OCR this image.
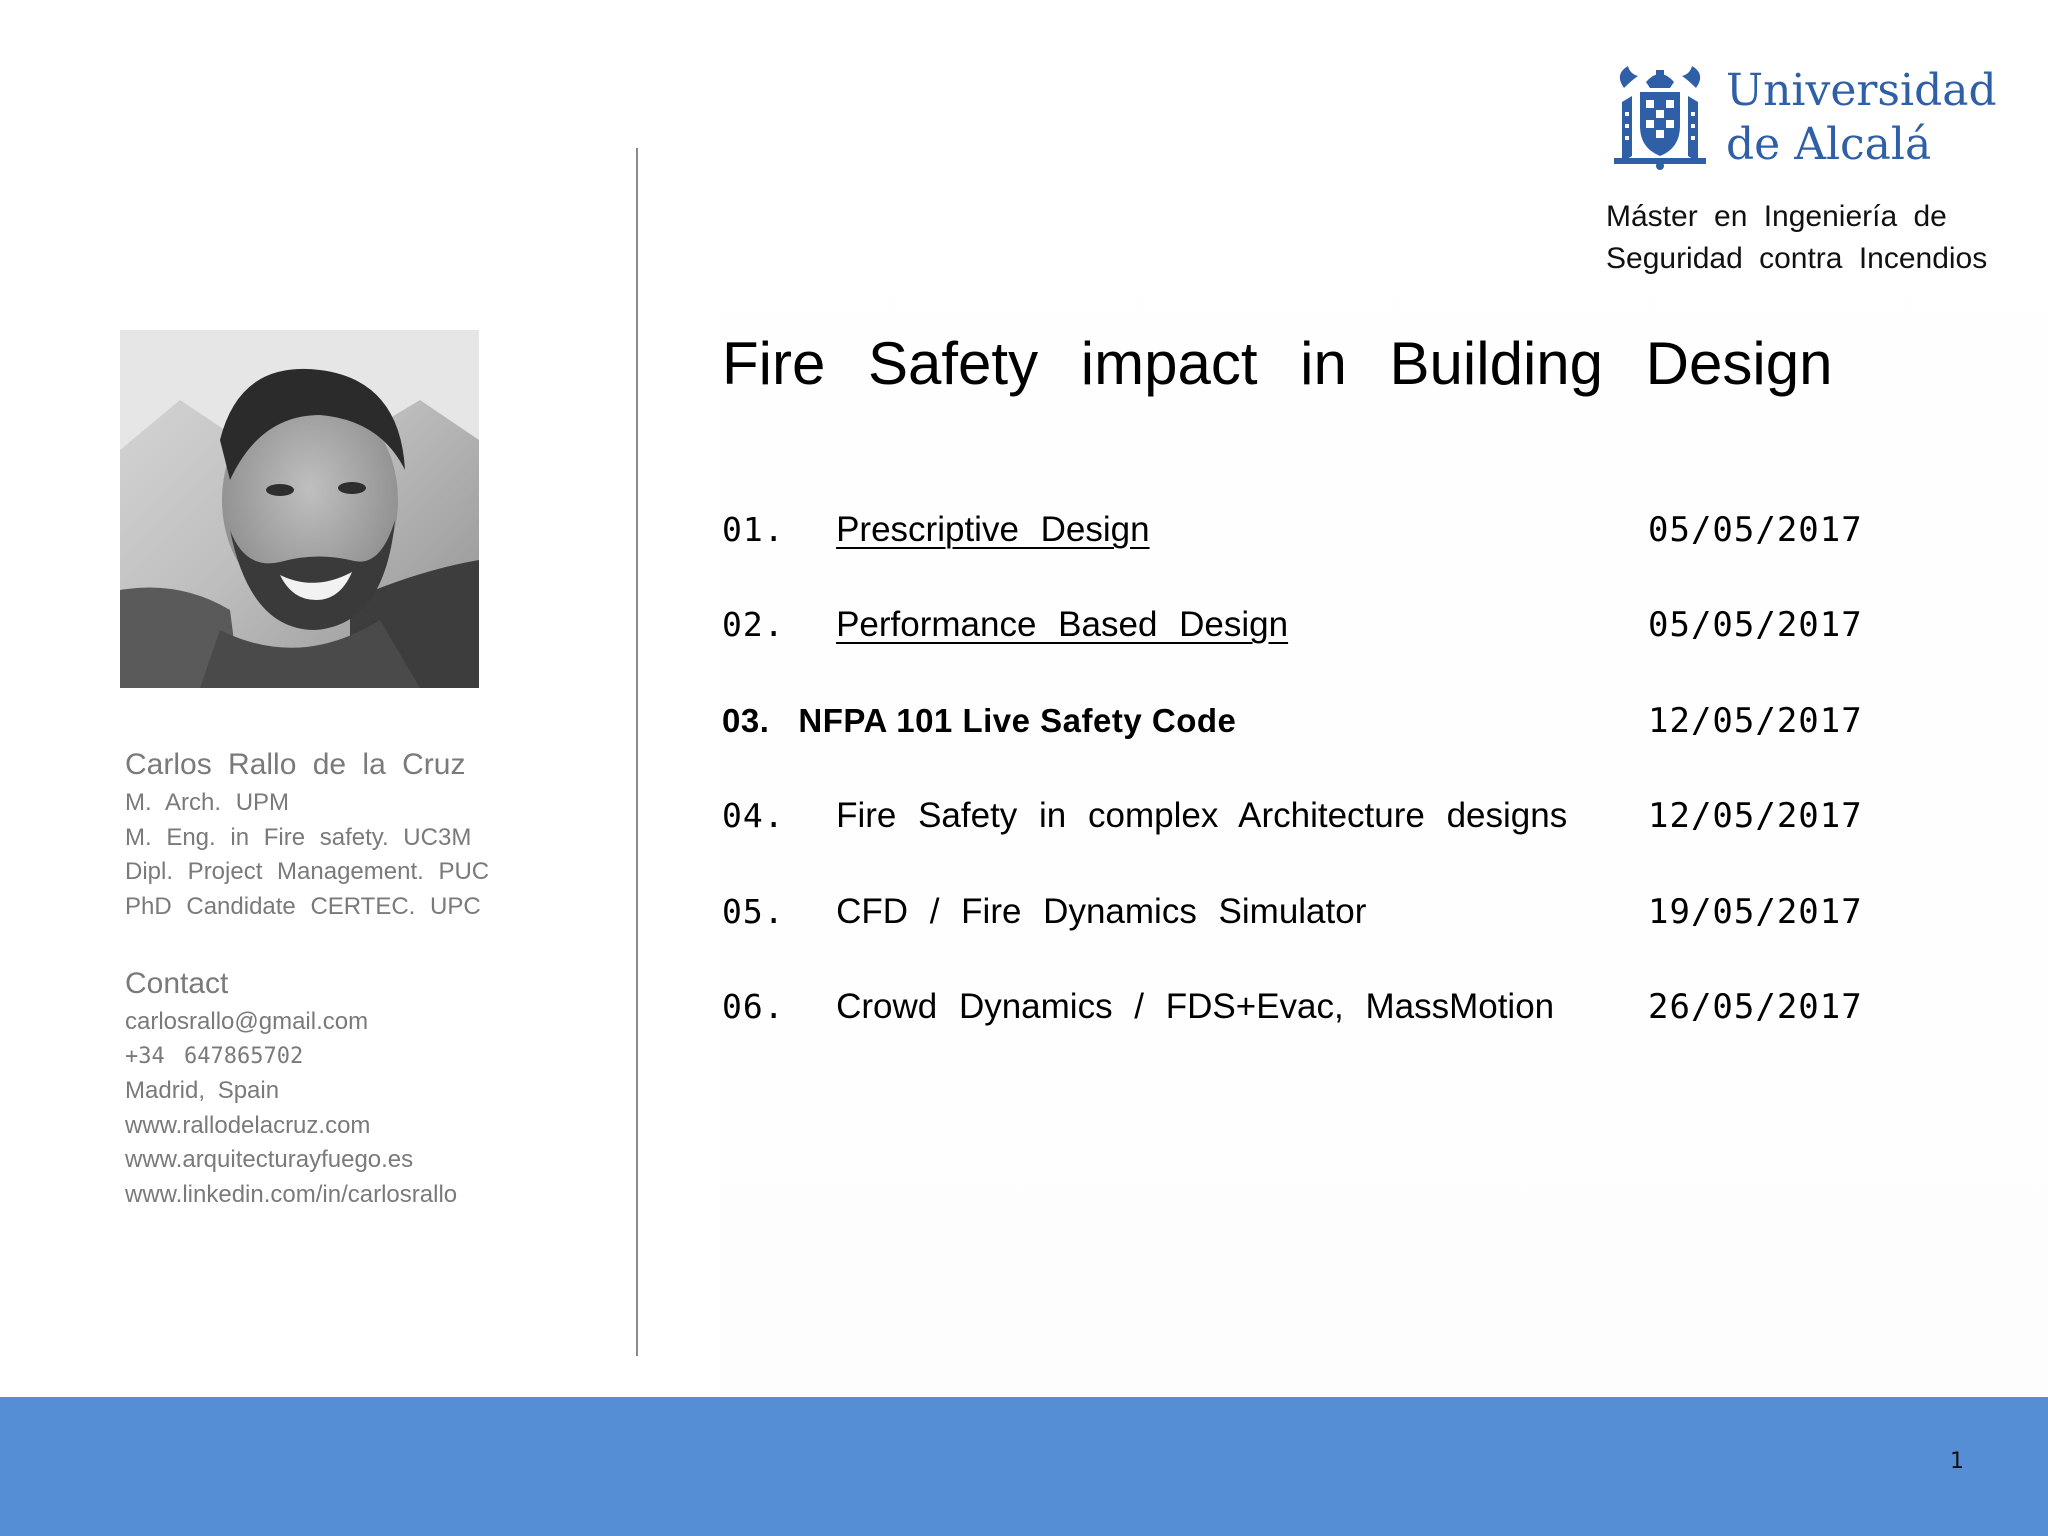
Universidad
de Alcalá
Máster en Ingeniería de
Seguridad contra Incendios
Carlos Rallo de la Cruz
M. Arch. UPM
M. Eng. in Fire safety. UC3M
Dipl. Project Management. PUC
PhD Candidate CERTEC. UPC
Contact
carlosrallo@gmail.com
+34 647865702
Madrid, Spain
www.rallodelacruz.com
www.arquitecturayfuego.es
www.linkedin.com/in/carlosrallo
Fire Safety impact in Building Design
01.   Prescriptive Design	05/05/2017
02.   Performance Based Design	05/05/2017
03.   NFPA 101 Live Safety Code	12/05/2017
04.   Fire Safety in complex Architecture designs 12/05/2017
05.   CFD / Fire Dynamics Simulator	19/05/2017
06.   Crowd Dynamics / FDS+Evac, MassMotion	26/05/2017
1
